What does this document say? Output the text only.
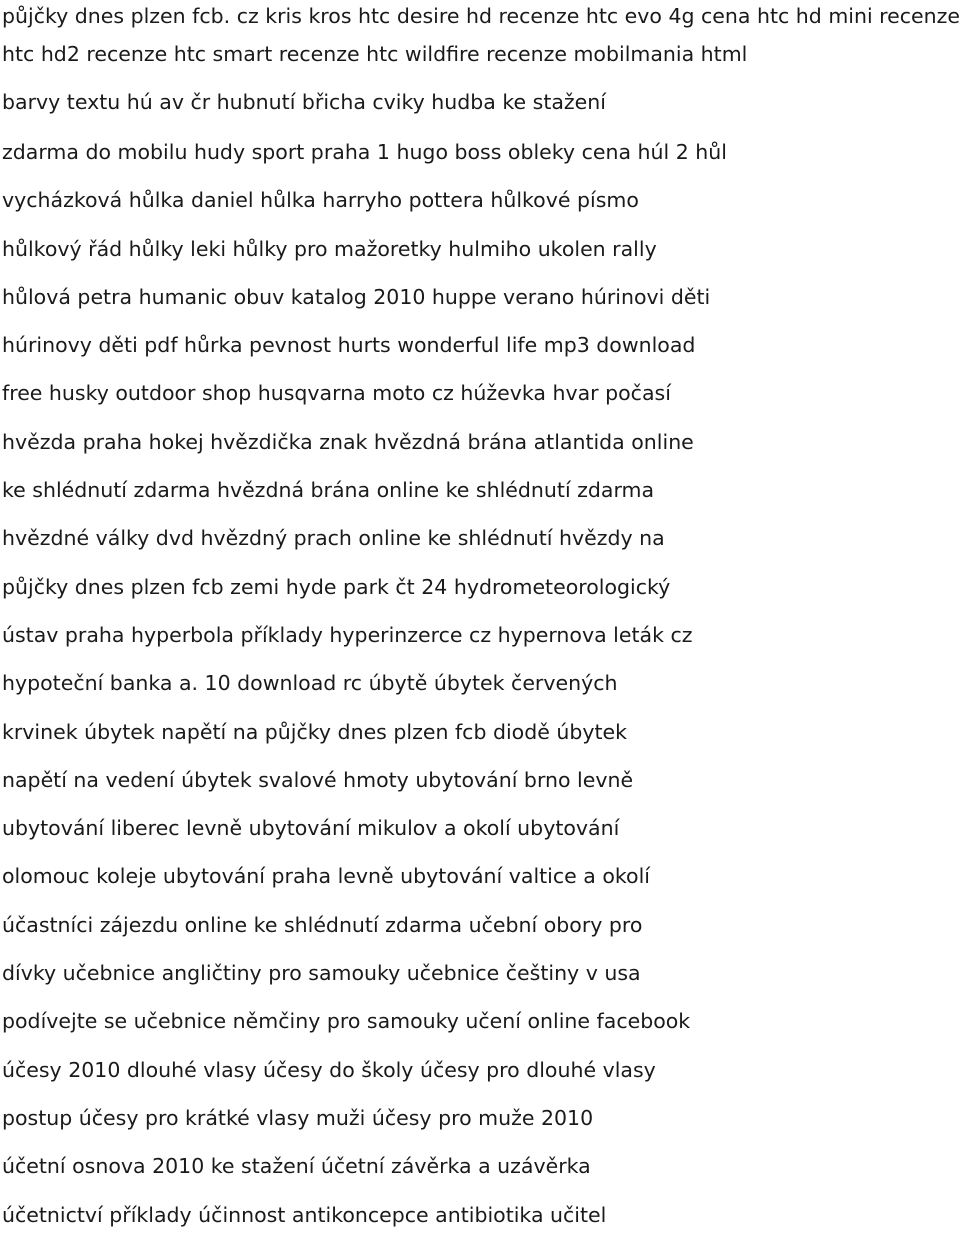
půjčky dnes plzen fcb. cz kris kros htc desire hd recenze htc evo 4g cena htc hd mini recenze
htc hd2 recenze htc smart recenze htc wildfire recenze mobilmania html
barvy textu hú av čr hubnutí břicha cviky hudba ke stažení
zdarma do mobilu hudy sport praha 1 hugo boss obleky cena húl 2 hůl
vycházková hůlka daniel hůlka harryho pottera hůlkové písmo
hůlkový řád hůlky leki hůlky pro mažoretky hulmiho ukolen rally
hůlová petra humanic obuv katalog 2010 huppe verano húrinovi děti
húrinovy děti pdf hůrka pevnost hurts wonderful life mp3 download
free husky outdoor shop husqvarna moto cz húževka hvar počasí
hvězda praha hokej hvězdička znak hvězdná brána atlantida online
ke shlédnutí zdarma hvězdná brána online ke shlédnutí zdarma
hvězdné války dvd hvězdný prach online ke shlédnutí hvězdy na
půjčky dnes plzen fcb zemi hyde park čt 24 hydrometeorologický
ústav praha hyperbola příklady hyperinzerce cz hypernova leták cz
hypoteční banka a. 10 download rc úbytě úbytek červených
krvinek úbytek napětí na půjčky dnes plzen fcb diodě úbytek
napětí na vedení úbytek svalové hmoty ubytování brno levně
ubytování liberec levně ubytování mikulov a okolí ubytování
olomouc koleje ubytování praha levně ubytování valtice a okolí
účastníci zájezdu online ke shlédnutí zdarma učební obory pro
dívky učebnice angličtiny pro samouky učebnice češtiny v usa
podívejte se učebnice němčiny pro samouky učení online facebook
účesy 2010 dlouhé vlasy účesy do školy účesy pro dlouhé vlasy
postup účesy pro krátké vlasy muži účesy pro muže 2010
účetní osnova 2010 ke stažení účetní závěrka a uzávěrka
účetnictví příklady účinnost antikoncepce antibiotika učitel
